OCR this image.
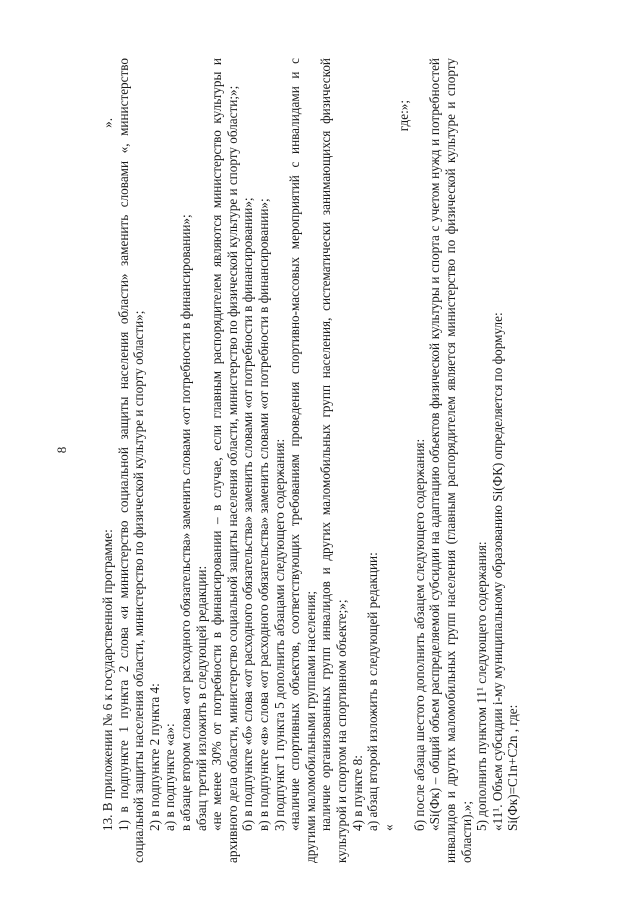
8

13. В приложении № 6 к государственной программе:

». 1) в подпункте 1 пункта 2 слова «и министерство социальной защиты населения области» заменить словами «, министерство социальной защиты населения области, министерство по физической культуре и спорту области»; 2) в подпункте 2 пункта 4: а) в подпункте «а»: в абзаце втором слова «от расходного обязательства» заменить словами «от потребности в финансировании»; абзац третий изложить в следующей редакции: «не менее 30% от потребности в финансировании – в случае, если главным распорядителем являются министерство культуры и архивного дела области, министерство социальной защиты населения области, министерство по физической культуре и спорту области;»; б) в подпункте «б» слова «от расходного обязательства» заменить словами «от потребности в финансировании»; в) в подпункте «в» слова «от расходного обязательства» заменить словами «от потребности в финансировании»; 3) подпункт 1 пункта 5 дополнить абзацами следующего содержания: «наличие спортивных объектов, соответствующих требованиям проведения спортивно-массовых мероприятий с инвалидами и с другими маломобильными группами населения; наличие организованных групп инвалидов и других маломобильных групп населения, систематически занимающихся физической культурой и спортом на спортивном объекте;»; 4) в пункте 8: а) абзац второй изложить в следующей редакции: «

где:»;

б) после абзаца шестого дополнить абзацем следующего содержания: «Si(Фк) – общий объем распределяемой субсидии на адаптацию объектов физической культуры и спорта с учетом нужд и потребностей инвалидов и других маломобильных групп населения (главным распорядителем является министерство по физической культуре и спорту области).»;

5) дополнить пунктом 11¹ следующего содержания: «11¹. Объем субсидии i-му муниципальному образованию Si(ФК) определяется по формуле: Si(Фк)=C1n+C2n , где:
